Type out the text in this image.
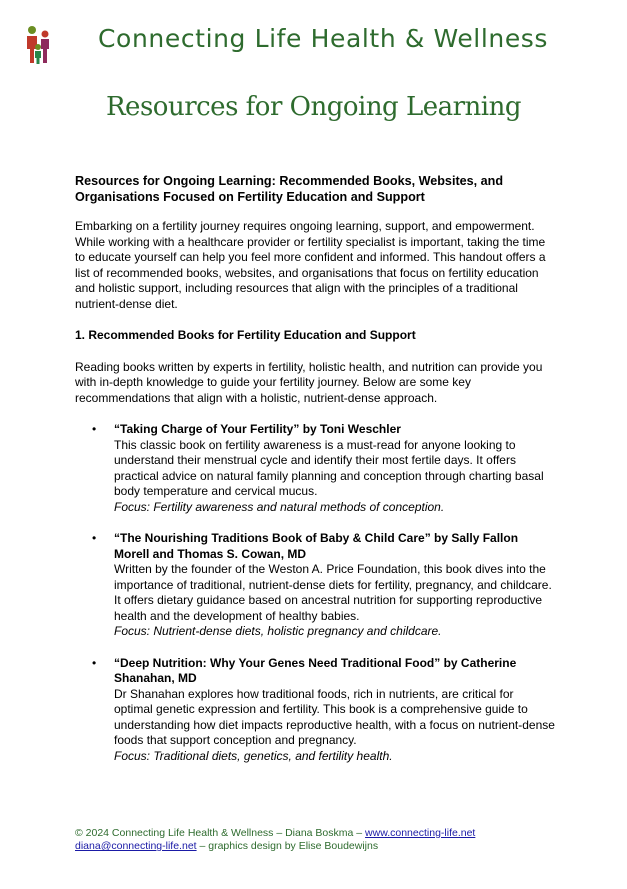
Connecting Life Health & Wellness
Resources for Ongoing Learning
Resources for Ongoing Learning: Recommended Books, Websites, and Organisations Focused on Fertility Education and Support
Embarking on a fertility journey requires ongoing learning, support, and empowerment. While working with a healthcare provider or fertility specialist is important, taking the time to educate yourself can help you feel more confident and informed. This handout offers a list of recommended books, websites, and organisations that focus on fertility education and holistic support, including resources that align with the principles of a traditional nutrient-dense diet.
1. Recommended Books for Fertility Education and Support
Reading books written by experts in fertility, holistic health, and nutrition can provide you with in-depth knowledge to guide your fertility journey. Below are some key recommendations that align with a holistic, nutrient-dense approach.
• “Taking Charge of Your Fertility” by Toni Weschler
This classic book on fertility awareness is a must-read for anyone looking to understand their menstrual cycle and identify their most fertile days. It offers practical advice on natural family planning and conception through charting basal body temperature and cervical mucus.
Focus: Fertility awareness and natural methods of conception.
• “The Nourishing Traditions Book of Baby & Child Care” by Sally Fallon Morell and Thomas S. Cowan, MD
Written by the founder of the Weston A. Price Foundation, this book dives into the importance of traditional, nutrient-dense diets for fertility, pregnancy, and childcare. It offers dietary guidance based on ancestral nutrition for supporting reproductive health and the development of healthy babies.
Focus: Nutrient-dense diets, holistic pregnancy and childcare.
• “Deep Nutrition: Why Your Genes Need Traditional Food” by Catherine Shanahan, MD
Dr Shanahan explores how traditional foods, rich in nutrients, are critical for optimal genetic expression and fertility. This book is a comprehensive guide to understanding how diet impacts reproductive health, with a focus on nutrient-dense foods that support conception and pregnancy.
Focus: Traditional diets, genetics, and fertility health.
© 2024 Connecting Life Health & Wellness – Diana Boskma – www.connecting-life.net
diana@connecting-life.net – graphics design by Elise Boudewijns
